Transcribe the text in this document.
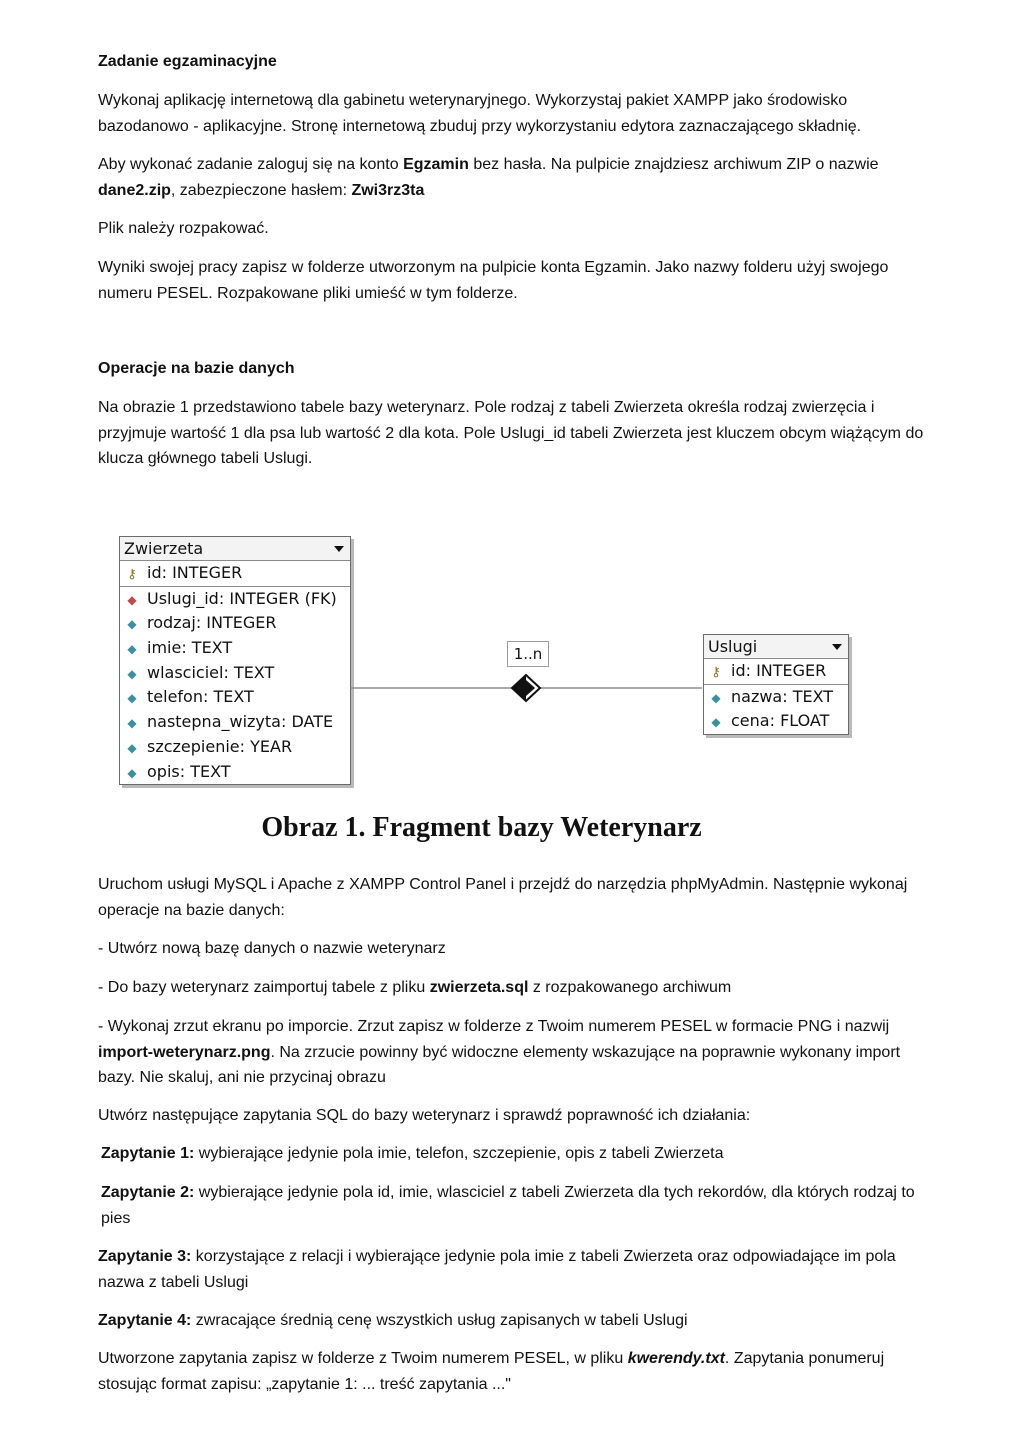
Zadanie egzaminacyjne

Wykonaj aplikację internetową dla gabinetu weterynaryjnego. Wykorzystaj pakiet XAMPP jako środowisko bazodanowo - aplikacyjne. Stronę internetową zbuduj przy wykorzystaniu edytora zaznaczającego składnię.

Aby wykonać zadanie zaloguj się na konto Egzamin bez hasła. Na pulpicie znajdziesz archiwum ZIP o nazwie dane2.zip, zabezpieczone hasłem: Zwi3rz3ta

Plik należy rozpakować.

Wyniki swojej pracy zapisz w folderze utworzonym na pulpicie konta Egzamin. Jako nazwy folderu użyj swojego numeru PESEL. Rozpakowane pliki umieść w tym folderze.

Operacje na bazie danych

Na obrazie 1 przedstawiono tabele bazy weterynarz. Pole rodzaj z tabeli Zwierzeta określa rodzaj zwierzęcia i przyjmuje wartość 1 dla psa lub wartość 2 dla kota. Pole Uslugi_id tabeli Zwierzeta jest kluczem obcym wiążącym do klucza głównego tabeli Uslugi.

Zwierzeta
⚷ id: INTEGER
◆ Uslugi_id: INTEGER (FK)
◆ rodzaj: INTEGER
◆ imie: TEXT
◆ wlasciciel: TEXT
◆ telefon: TEXT
◆ nastepna_wizyta: DATE
◆ szczepienie: YEAR
◆ opis: TEXT
1..n	Uslugi
⚷ id: INTEGER
◆ nazwa: TEXT
◆ cena: FLOAT
Obraz 1. Fragment bazy Weterynarz

Uruchom usługi MySQL i Apache z XAMPP Control Panel i przejdź do narzędzia phpMyAdmin. Następnie wykonaj operacje na bazie danych:

- Utwórz nową bazę danych o nazwie weterynarz

- Do bazy weterynarz zaimportuj tabele z pliku zwierzeta.sql z rozpakowanego archiwum

- Wykonaj zrzut ekranu po imporcie. Zrzut zapisz w folderze z Twoim numerem PESEL w formacie PNG i nazwij import-weterynarz.png. Na zrzucie powinny być widoczne elementy wskazujące na poprawnie wykonany import bazy. Nie skaluj, ani nie przycinaj obrazu

Utwórz następujące zapytania SQL do bazy weterynarz i sprawdź poprawność ich działania:

Zapytanie 1: wybierające jedynie pola imie, telefon, szczepienie, opis z tabeli Zwierzeta

Zapytanie 2: wybierające jedynie pola id, imie, wlasciciel z tabeli Zwierzeta dla tych rekordów, dla których rodzaj to pies

Zapytanie 3: korzystające z relacji i wybierające jedynie pola imie z tabeli Zwierzeta oraz odpowiadające im pola nazwa z tabeli Uslugi

Zapytanie 4: zwracające średnią cenę wszystkich usług zapisanych w tabeli Uslugi

Utworzone zapytania zapisz w folderze z Twoim numerem PESEL, w pliku kwerendy.txt. Zapytania ponumeruj stosując format zapisu: „zapytanie 1: ... treść zapytania ..."
